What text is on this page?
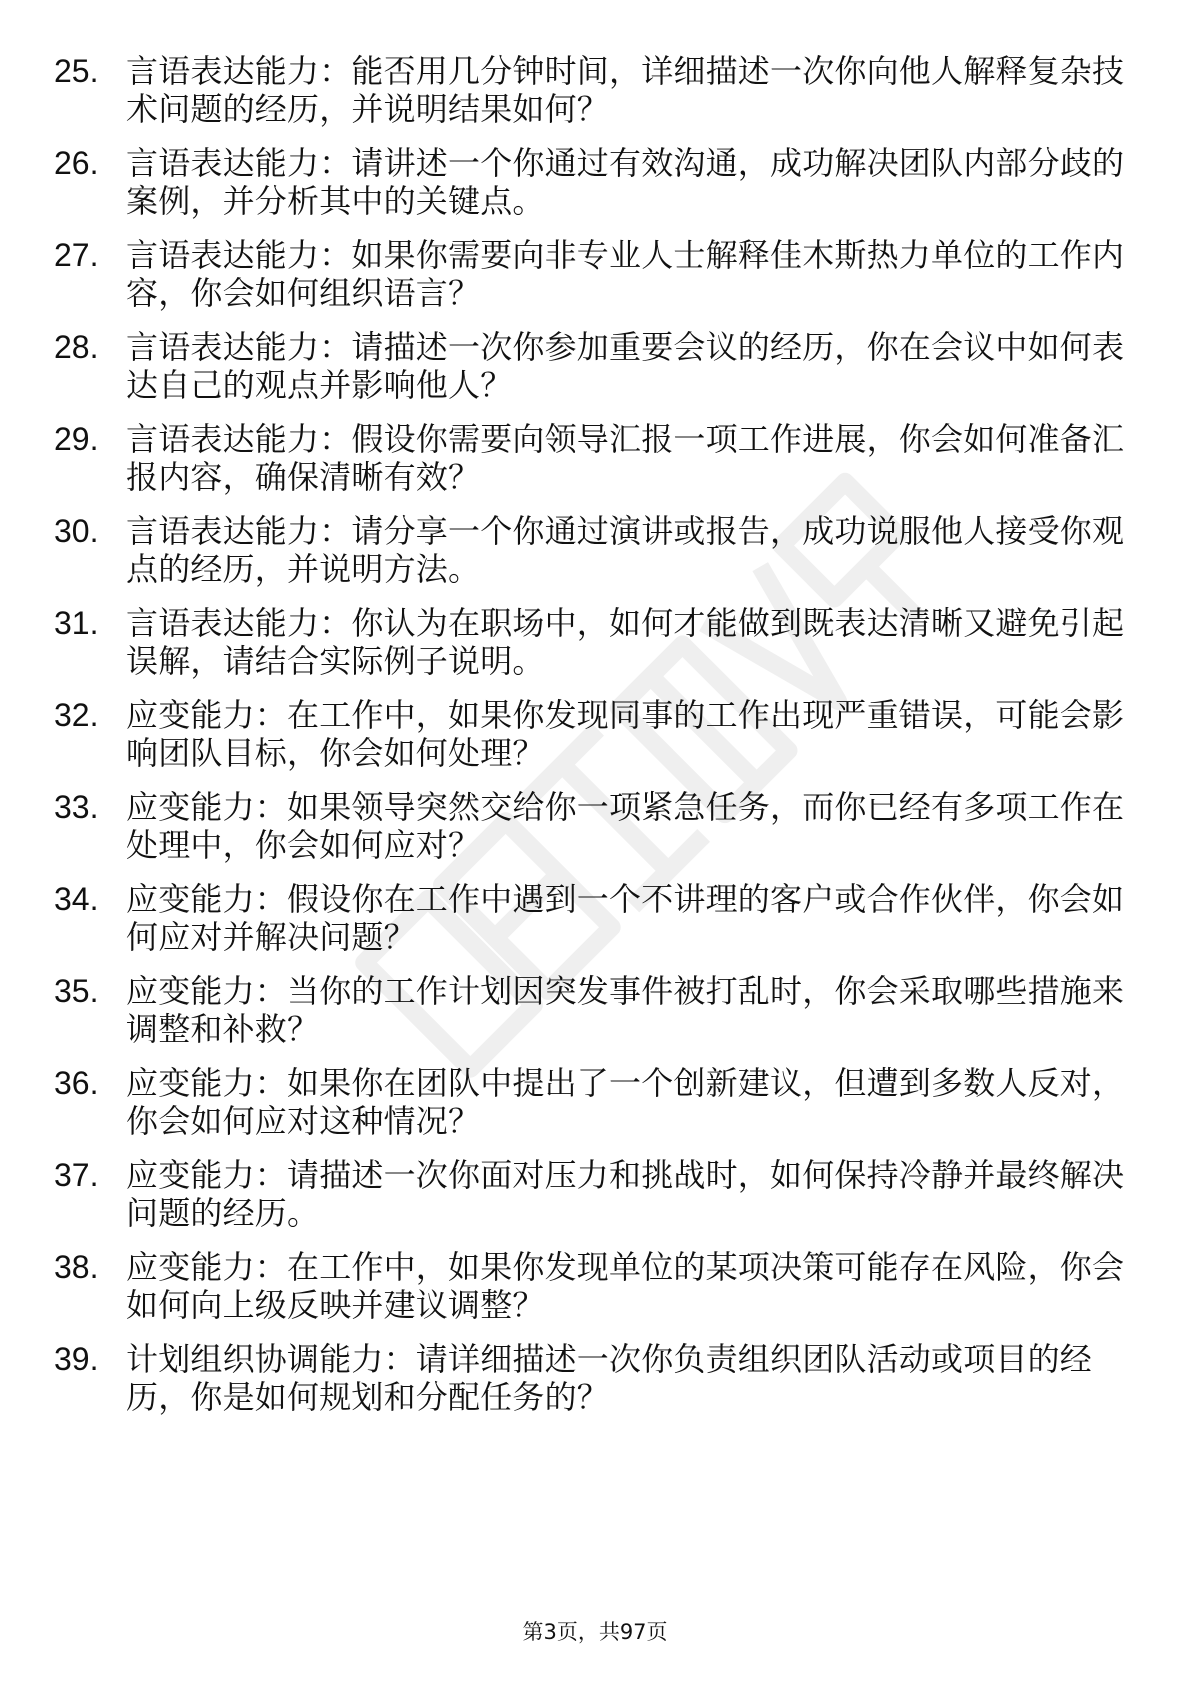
25. 言语表达能力：能否用几分钟时间，详细描述一次你向他人解释复杂技术问题的经历，并说明结果如何？
26. 言语表达能力：请讲述一个你通过有效沟通，成功解决团队内部分歧的案例，并分析其中的关键点。
27. 言语表达能力：如果你需要向非专业人士解释佳木斯热力单位的工作内容，你会如何组织语言？
28. 言语表达能力：请描述一次你参加重要会议的经历，你在会议中如何表达自己的观点并影响他人？
29. 言语表达能力：假设你需要向领导汇报一项工作进展，你会如何准备汇报内容，确保清晰有效？
30. 言语表达能力：请分享一个你通过演讲或报告，成功说服他人接受你观点的经历，并说明方法。
31. 言语表达能力：你认为在职场中，如何才能做到既表达清晰又避免引起误解，请结合实际例子说明。
32. 应变能力：在工作中，如果你发现同事的工作出现严重错误，可能会影响团队目标，你会如何处理？
33. 应变能力：如果领导突然交给你一项紧急任务，而你已经有多项工作在处理中，你会如何应对？
34. 应变能力：假设你在工作中遇到一个不讲理的客户或合作伙伴，你会如何应对并解决问题？
35. 应变能力：当你的工作计划因突发事件被打乱时，你会采取哪些措施来调整和补救？
36. 应变能力：如果你在团队中提出了一个创新建议，但遭到多数人反对，你会如何应对这种情况？
37. 应变能力：请描述一次你面对压力和挑战时，如何保持冷静并最终解决问题的经历。
38. 应变能力：在工作中，如果你发现单位的某项决策可能存在风险，你会如何向上级反映并建议调整？
39. 计划组织协调能力：请详细描述一次你负责组织团队活动或项目的经历，你是如何规划和分配任务的？
第3页，共97页
